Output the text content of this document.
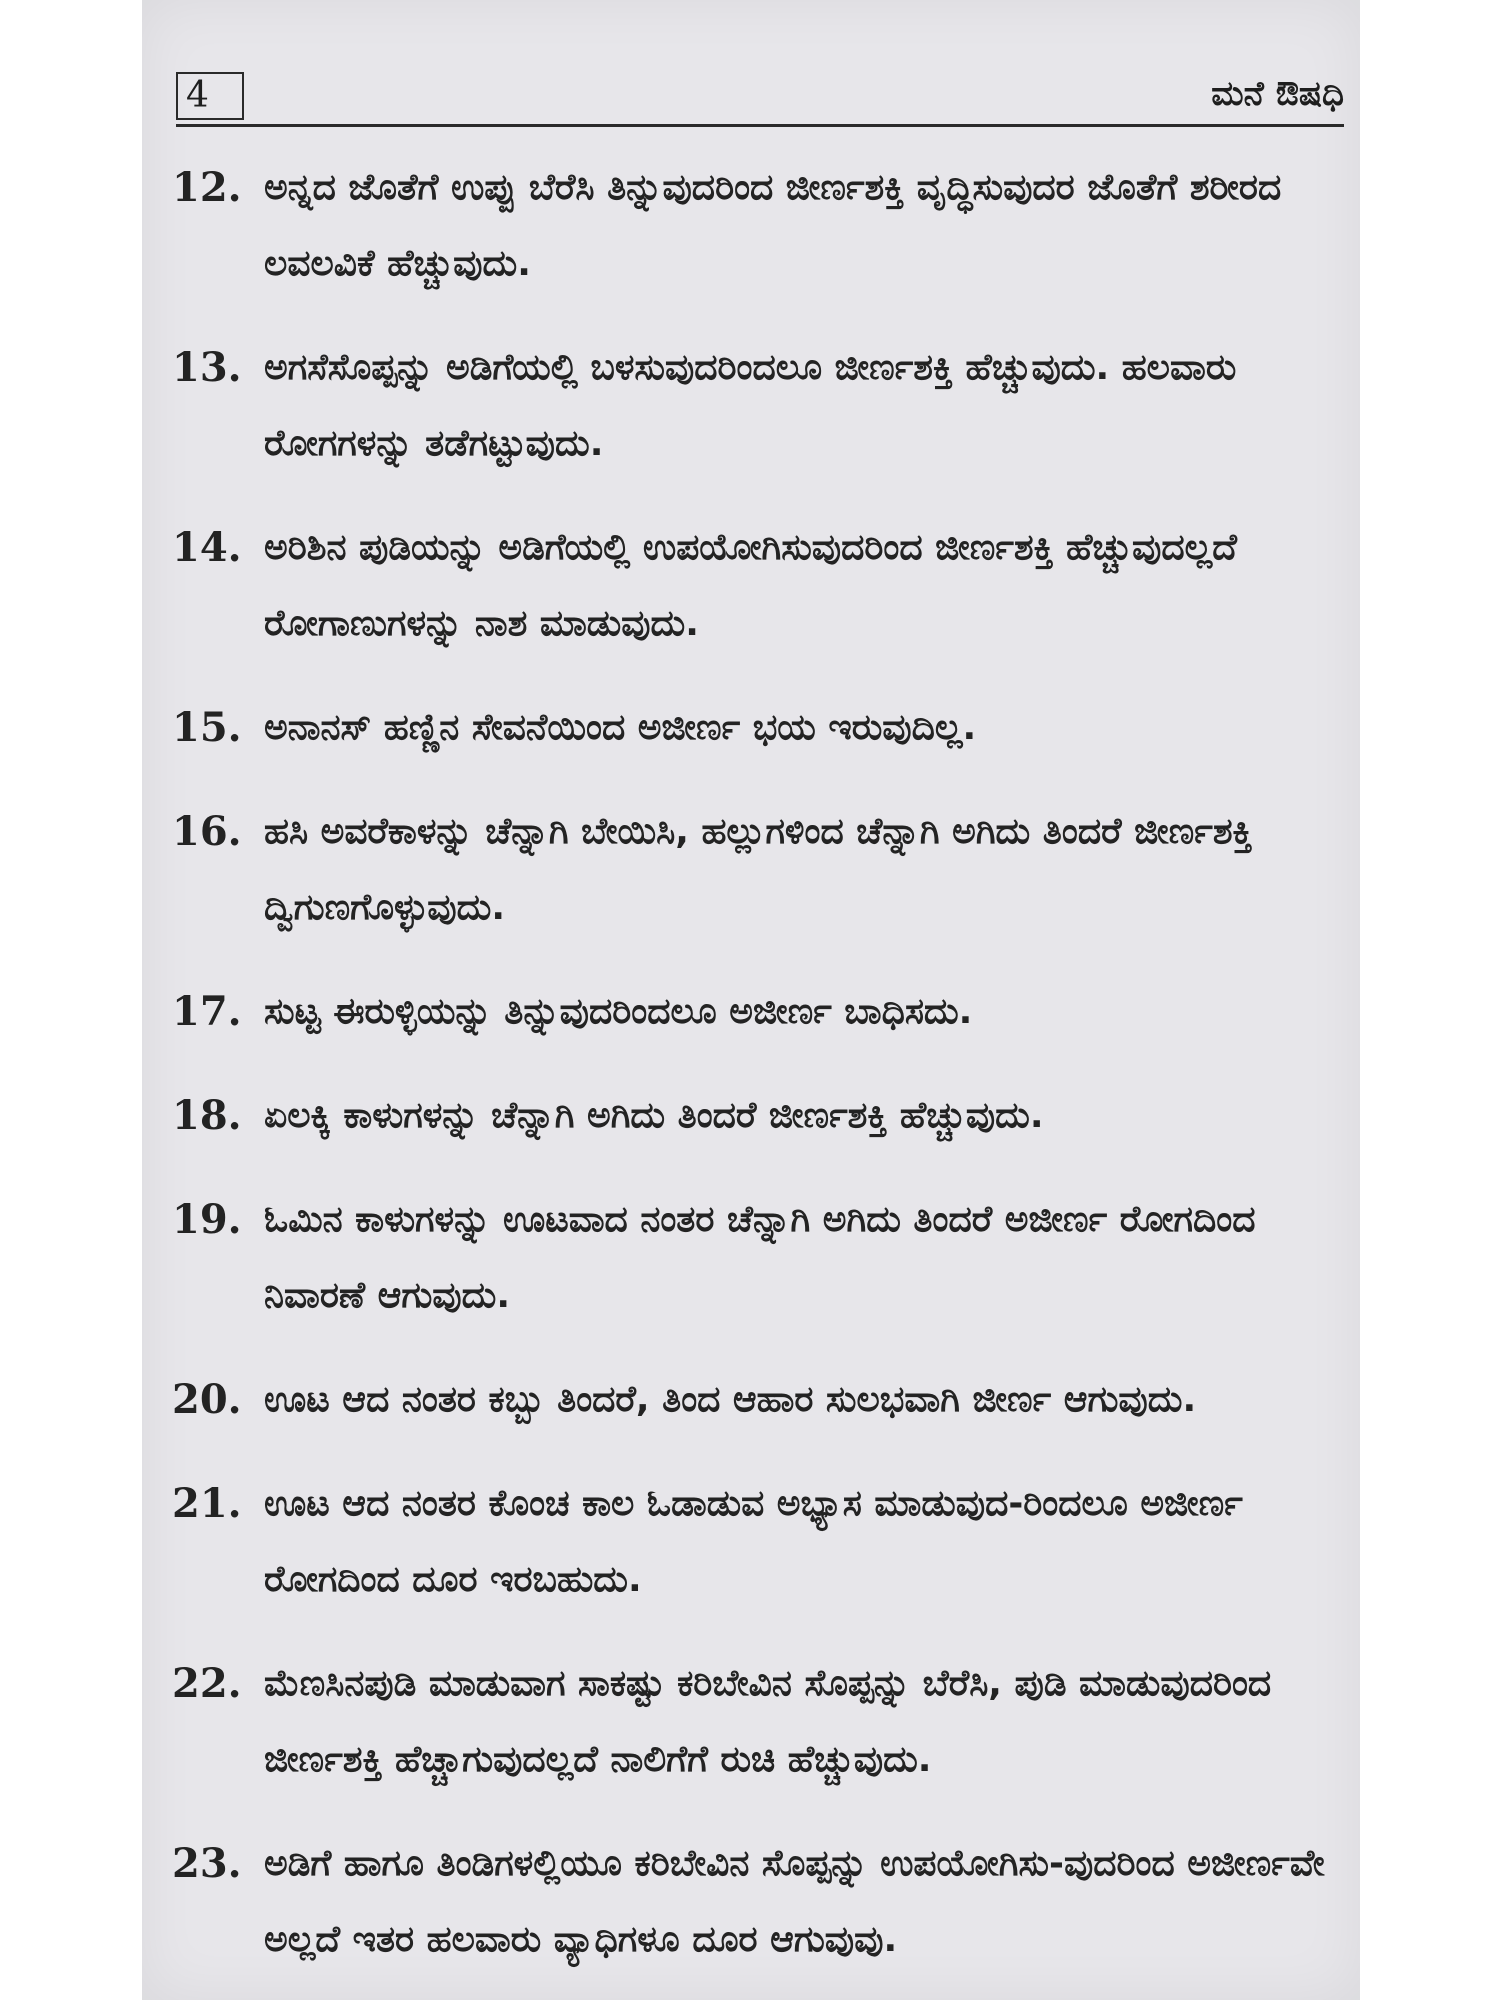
4	ಮನೆ ಔಷಧಿ
12. ಅನ್ನದ ಜೊತೆಗೆ ಉಪ್ಪು ಬೆರೆಸಿ ತಿನ್ನುವುದರಿಂದ ಜೀರ್ಣಶಕ್ತಿ ವೃದ್ಧಿಸುವುದರ ಜೊತೆಗೆ ಶರೀರದ ಲವಲವಿಕೆ ಹೆಚ್ಚುವುದು.
13. ಅಗಸೆಸೊಪ್ಪನ್ನು ಅಡಿಗೆಯಲ್ಲಿ ಬಳಸುವುದರಿಂದಲೂ ಜೀರ್ಣಶಕ್ತಿ ಹೆಚ್ಚುವುದು. ಹಲವಾರು ರೋಗಗಳನ್ನು ತಡೆಗಟ್ಟುವುದು.
14. ಅರಿಶಿನ ಪುಡಿಯನ್ನು ಅಡಿಗೆಯಲ್ಲಿ ಉಪಯೋಗಿಸುವುದರಿಂದ ಜೀರ್ಣಶಕ್ತಿ ಹೆಚ್ಚುವುದಲ್ಲದೆ ರೋಗಾಣುಗಳನ್ನು ನಾಶ ಮಾಡುವುದು.
15. ಅನಾನಸ್ ಹಣ್ಣಿನ ಸೇವನೆಯಿಂದ ಅಜೀರ್ಣ ಭಯ ಇರುವುದಿಲ್ಲ.
16. ಹಸಿ ಅವರೆಕಾಳನ್ನು ಚೆನ್ನಾಗಿ ಬೇಯಿಸಿ, ಹಲ್ಲುಗಳಿಂದ ಚೆನ್ನಾಗಿ ಅಗಿದು ತಿಂದರೆ ಜೀರ್ಣಶಕ್ತಿ ದ್ವಿಗುಣಗೊಳ್ಳುವುದು.
17. ಸುಟ್ಟ ಈರುಳ್ಳಿಯನ್ನು ತಿನ್ನುವುದರಿಂದಲೂ ಅಜೀರ್ಣ ಬಾಧಿಸದು.
18. ಏಲಕ್ಕಿ ಕಾಳುಗಳನ್ನು ಚೆನ್ನಾಗಿ ಅಗಿದು ತಿಂದರೆ ಜೀರ್ಣಶಕ್ತಿ ಹೆಚ್ಚುವುದು.
19. ಓಮಿನ ಕಾಳುಗಳನ್ನು ಊಟವಾದ ನಂತರ ಚೆನ್ನಾಗಿ ಅಗಿದು ತಿಂದರೆ ಅಜೀರ್ಣ ರೋಗದಿಂದ ನಿವಾರಣೆ ಆಗುವುದು.
20. ಊಟ ಆದ ನಂತರ ಕಬ್ಬು ತಿಂದರೆ, ತಿಂದ ಆಹಾರ ಸುಲಭವಾಗಿ ಜೀರ್ಣ ಆಗುವುದು.
21. ಊಟ ಆದ ನಂತರ ಕೊಂಚ ಕಾಲ ಓಡಾಡುವ ಅಭ್ಯಾಸ ಮಾಡುವುದ-ರಿಂದಲೂ ಅಜೀರ್ಣ ರೋಗದಿಂದ ದೂರ ಇರಬಹುದು.
22. ಮೆಣಸಿನಪುಡಿ ಮಾಡುವಾಗ ಸಾಕಷ್ಟು ಕರಿಬೇವಿನ ಸೊಪ್ಪನ್ನು ಬೆರೆಸಿ, ಪುಡಿ ಮಾಡುವುದರಿಂದ ಜೀರ್ಣಶಕ್ತಿ ಹೆಚ್ಚಾಗುವುದಲ್ಲದೆ ನಾಲಿಗೆಗೆ ರುಚಿ ಹೆಚ್ಚುವುದು.
23. ಅಡಿಗೆ ಹಾಗೂ ತಿಂಡಿಗಳಲ್ಲಿಯೂ ಕರಿಬೇವಿನ ಸೊಪ್ಪನ್ನು ಉಪಯೋಗಿಸು-ವುದರಿಂದ ಅಜೀರ್ಣವೇ ಅಲ್ಲದೆ ಇತರ ಹಲವಾರು ವ್ಯಾಧಿಗಳೂ ದೂರ ಆಗುವುವು.
